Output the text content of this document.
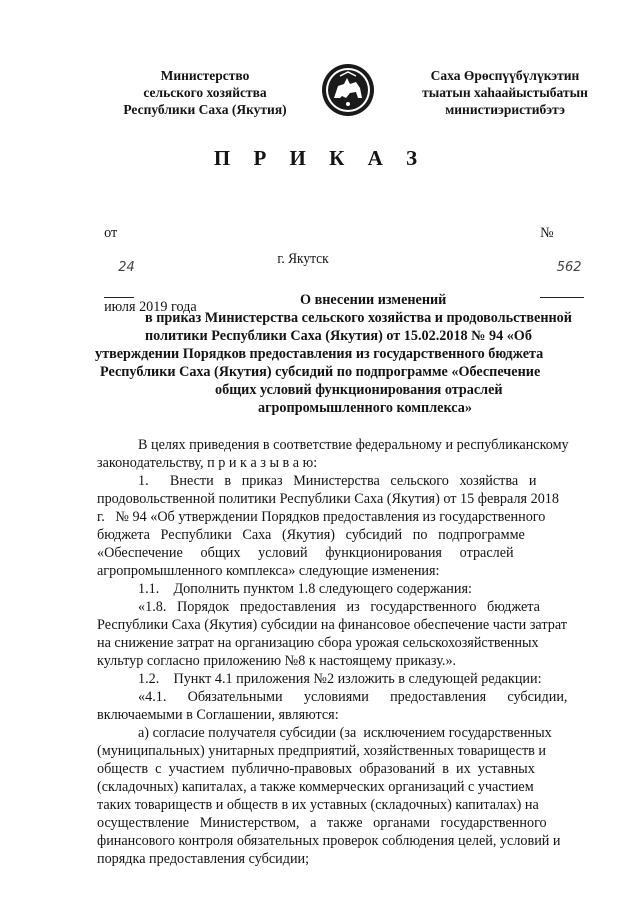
Министерство
сельского хозяйства
Республики Саха (Якутия)
Саха Өрөспүүбүлүкэтин
тыатын хаһаайыстыбатын
министиэристибэтэ
П Р И К А З

от

24

июля 2019 года

№

562

г. Якутск
О внесении изменений
в приказ Министерства сельского хозяйства и продовольственной
политики Республики Саха (Якутия) от 15.02.2018 № 94 «Об
утверждении Порядков предоставления из государственного бюджета
Республики Саха (Якутия) субсидий по подпрограмме «Обеспечение
общих условий функционирования отраслей
агропромышленного комплекса»
В целях приведения в соответствие федеральному и республиканскому
законодательству, п р и к а з ы в а ю:
1.      Внести   в   приказ   Министерства   сельского   хозяйства   и
продовольственной политики Республики Саха (Якутия) от 15 февраля 2018
г.   № 94 «Об утверждении Порядков предоставления из государственного
бюджета   Республики   Саха   (Якутия)   субсидий   по   подпрограмме
«Обеспечение     общих     условий     функционирования     отраслей
агропромышленного комплекса» следующие изменения:
1.1.    Дополнить пунктом 1.8 следующего содержания:
«1.8.   Порядок   предоставления   из   государственного   бюджета
Республики Саха (Якутия) субсидии на финансовое обеспечение части затрат
на снижение затрат на организацию сбора урожая сельскохозяйственных
культур согласно приложению №8 к настоящему приказу.».
1.2.    Пункт 4.1 приложения №2 изложить в следующей редакции:
«4.1.      Обязательными      условиями      предоставления      субсидии,
включаемыми в Соглашении, являются:
а) согласие получателя субсидии (за  исключением государственных
(муниципальных) унитарных предприятий, хозяйственных товариществ и
обществ  с  участием  публично-правовых  образований  в  их  уставных
(складочных) капиталах, а также коммерческих организаций с участием
таких товариществ и обществ в их уставных (складочных) капиталах) на
осуществление   Министерством,   а   также   органами   государственного
финансового контроля обязательных проверок соблюдения целей, условий и
порядка предоставления субсидии;
